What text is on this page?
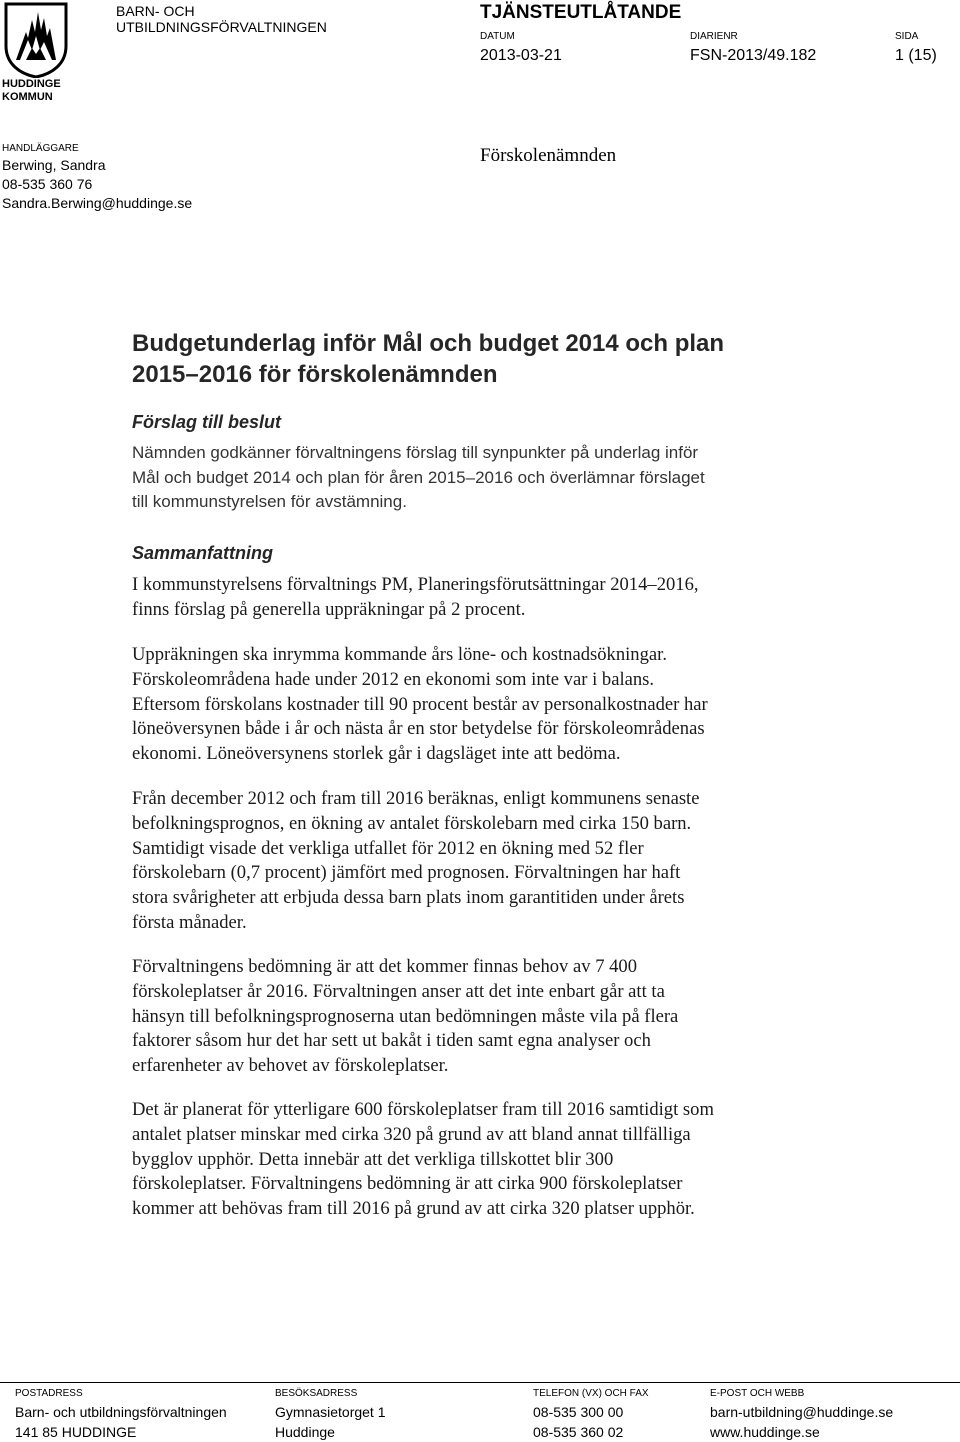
HUDDINGE
KOMMUN
BARN- OCH
UTBILDNINGSFÖRVALTNINGEN
TJÄNSTEUTLÅTANDE
DATUM
2013-03-21
DIARIENR
FSN-2013/49.182
SIDA
1 (15)
HANDLÄGGARE
Berwing, Sandra
08-535 360 76
Sandra.Berwing@huddinge.se
Förskolenämnden
Budgetunderlag inför Mål och budget 2014 och plan
2015–2016 för förskolenämnden
Förslag till beslut
Nämnden godkänner förvaltningens förslag till synpunkter på underlag inför
Mål och budget 2014 och plan för åren 2015–2016 och överlämnar förslaget
till kommunstyrelsen för avstämning.
Sammanfattning
I kommunstyrelsens förvaltnings PM, Planeringsförutsättningar 2014–2016,
finns förslag på generella uppräkningar på 2 procent.
Uppräkningen ska inrymma kommande års löne- och kostnadsökningar.
Förskoleområdena hade under 2012 en ekonomi som inte var i balans.
Eftersom förskolans kostnader till 90 procent består av personalkostnader har
löneöversynen både i år och nästa år en stor betydelse för förskoleområdenas
ekonomi. Löneöversynens storlek går i dagsläget inte att bedöma.
Från december 2012 och fram till 2016 beräknas, enligt kommunens senaste
befolkningsprognos, en ökning av antalet förskolebarn med cirka 150 barn.
Samtidigt visade det verkliga utfallet för 2012 en ökning med 52 fler
förskolebarn (0,7 procent) jämfört med prognosen. Förvaltningen har haft
stora svårigheter att erbjuda dessa barn plats inom garantitiden under årets
första månader.
Förvaltningens bedömning är att det kommer finnas behov av 7 400
förskoleplatser år 2016. Förvaltningen anser att det inte enbart går att ta
hänsyn till befolkningsprognoserna utan bedömningen måste vila på flera
faktorer såsom hur det har sett ut bakåt i tiden samt egna analyser och
erfarenheter av behovet av förskoleplatser.
Det är planerat för ytterligare 600 förskoleplatser fram till 2016 samtidigt som
antalet platser minskar med cirka 320 på grund av att bland annat tillfälliga
bygglov upphör. Detta innebär att det verkliga tillskottet blir 300
förskoleplatser. Förvaltningens bedömning är att cirka 900 förskoleplatser
kommer att behövas fram till 2016 på grund av att cirka 320 platser upphör.
POSTADRESS
Barn- och utbildningsförvaltningen
141 85 HUDDINGE
BESÖKSADRESS
Gymnasietorget 1
Huddinge
TELEFON (VX) OCH FAX
08-535 300 00
08-535 360 02
E-POST OCH WEBB
barn-utbildning@huddinge.se
www.huddinge.se
